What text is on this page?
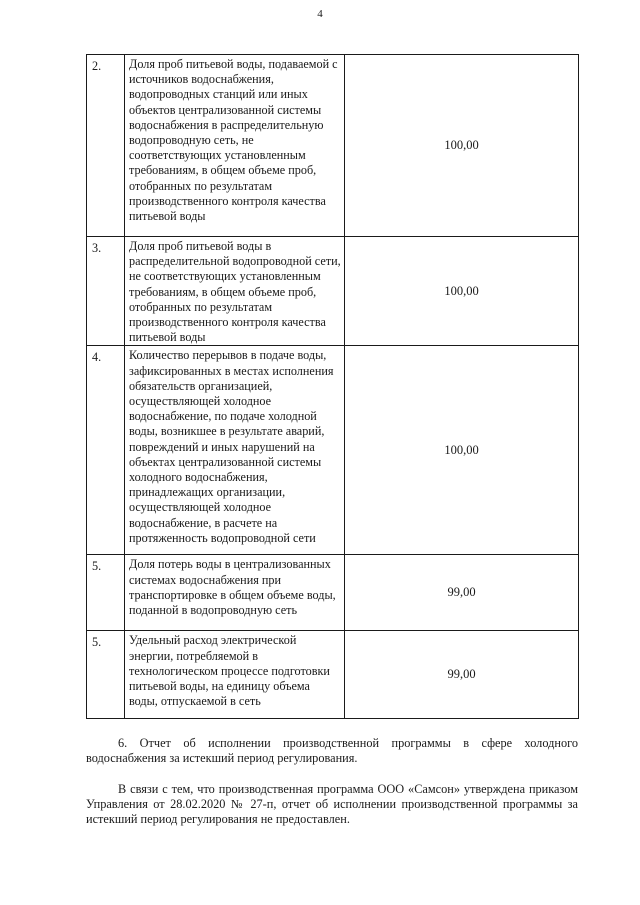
4
2.	Доля проб питьевой воды, подаваемой с источников водоснабжения, водопроводных станций или иных объектов централизованной системы водоснабжения в распределительную водопроводную сеть, не соответствующих установленным требованиям, в общем объеме проб, отобранных по результатам производственного контроля качества питьевой воды	100,00
3.	Доля проб питьевой воды в распределительной водопроводной сети, не соответствующих установленным требованиям, в общем объеме проб, отобранных по результатам производственного контроля качества питьевой воды	100,00
4.	Количество перерывов в подаче воды, зафиксированных в местах исполнения обязательств организацией, осуществляющей холодное водоснабжение, по подаче холодной воды, возникшее в результате аварий, повреждений и иных нарушений на объектах централизованной системы холодного водоснабжения, принадлежащих организации, осуществляющей холодное водоснабжение, в расчете на протяженность водопроводной сети	100,00
5.	Доля потерь воды в централизованных системах водоснабжения при транспортировке в общем объеме воды, поданной в водопроводную сеть	99,00
5.	Удельный расход электрической энергии, потребляемой в технологическом процессе подготовки питьевой воды, на единицу объема воды, отпускаемой в сеть	99,00

6. Отчет об исполнении производственной программы в сфере холодного водоснабжения за истекший период регулирования.

В связи с тем, что производственная программа ООО «Самсон» утверждена приказом Управления от 28.02.2020 № 27-п, отчет об исполнении производственной программы за истекший период регулирования не предоставлен.
